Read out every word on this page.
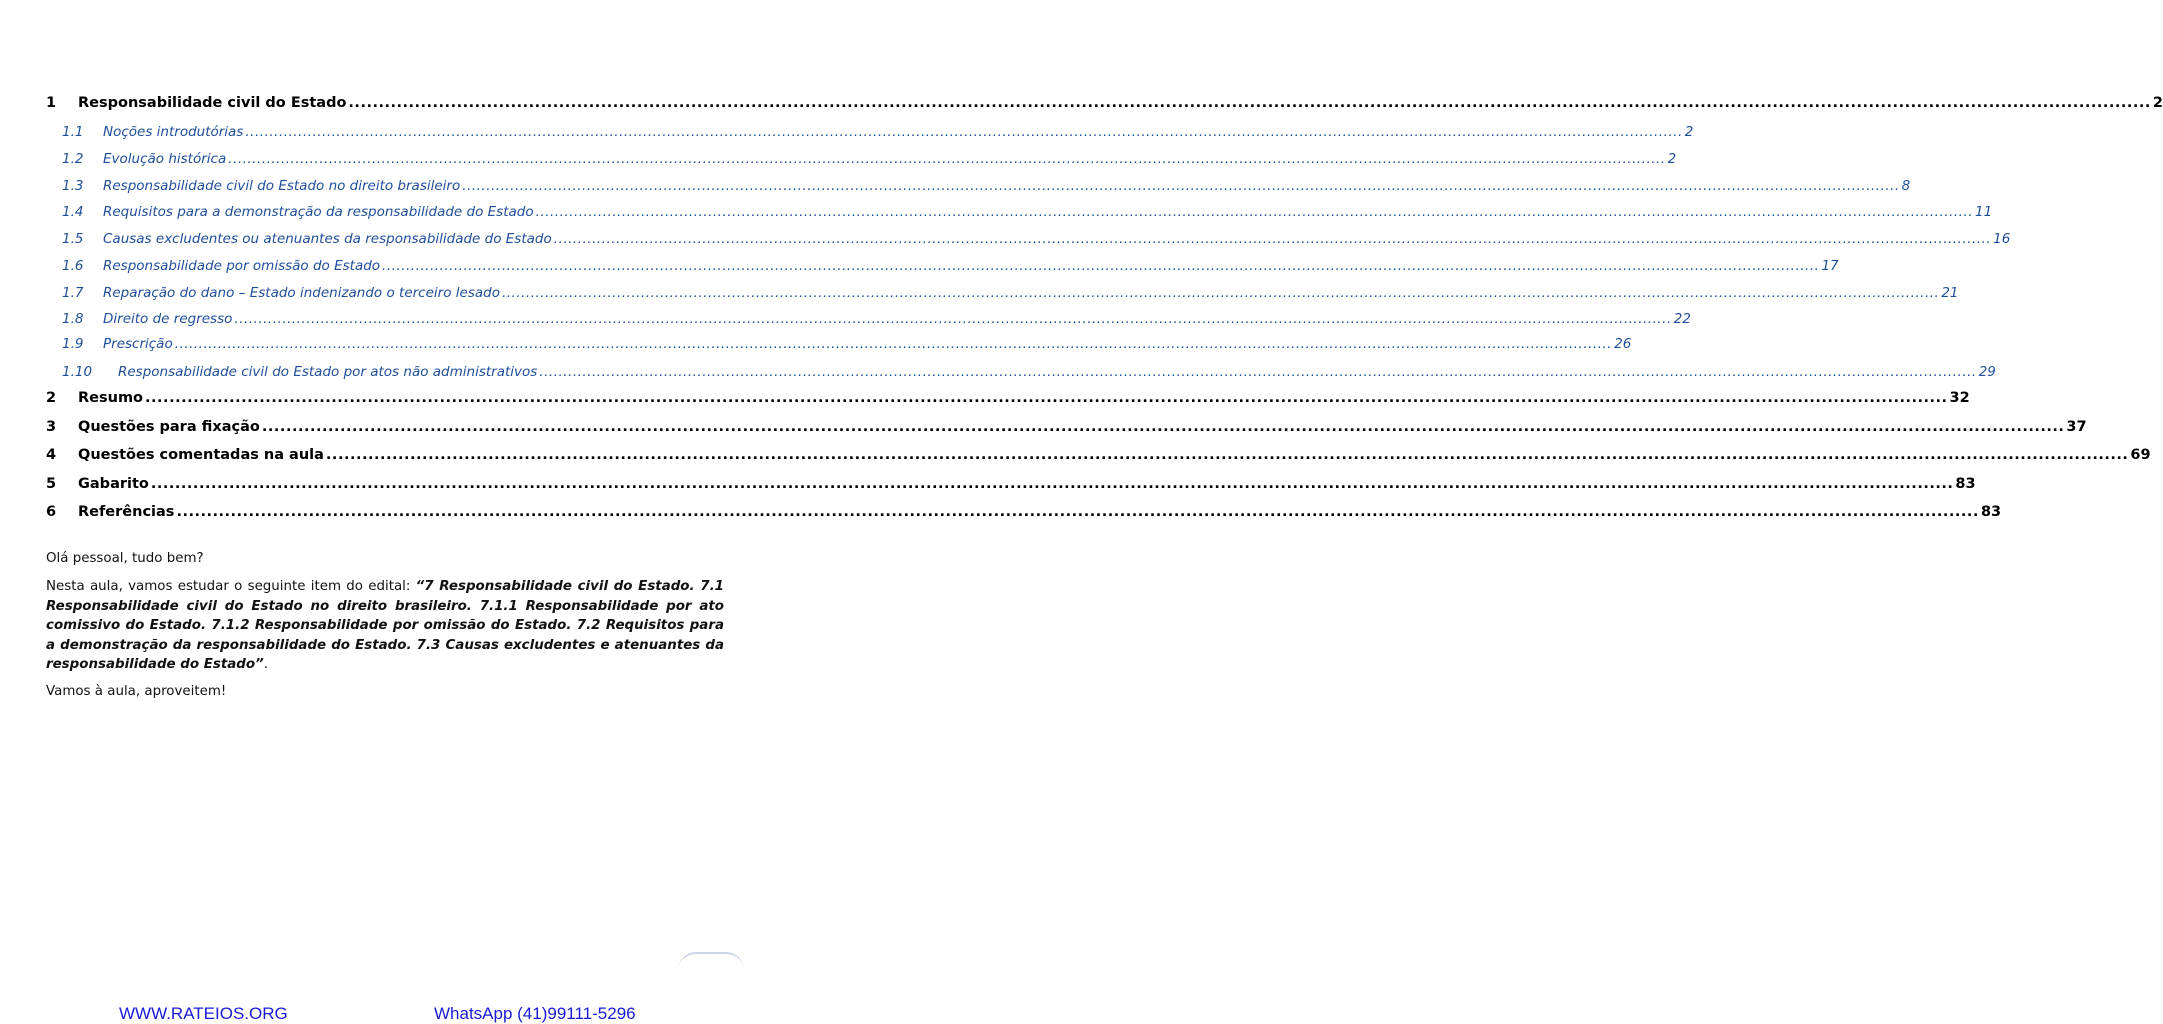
1	Responsabilidade civil do Estado ............................................................................................................................................................................................................................................................................................................ 2
1.1	Noções introdutórias ............................................................................................................................................................................................................................................................................................................ 2
1.2	Evolução histórica ............................................................................................................................................................................................................................................................................................................ 2
1.3	Responsabilidade civil do Estado no direito brasileiro ............................................................................................................................................................................................................................................................................................................ 8
1.4	Requisitos para a demonstração da responsabilidade do Estado ............................................................................................................................................................................................................................................................................................................ 11
1.5	Causas excludentes ou atenuantes da responsabilidade do Estado ............................................................................................................................................................................................................................................................................................................ 16
1.6	Responsabilidade por omissão do Estado ............................................................................................................................................................................................................................................................................................................ 17
1.7	Reparação do dano – Estado indenizando o terceiro lesado ............................................................................................................................................................................................................................................................................................................ 21
1.8	Direito de regresso ............................................................................................................................................................................................................................................................................................................ 22
1.9	Prescrição ............................................................................................................................................................................................................................................................................................................ 26
1.10	Responsabilidade civil do Estado por atos não administrativos ............................................................................................................................................................................................................................................................................................................ 29
2	Resumo ............................................................................................................................................................................................................................................................................................................ 32
3	Questões para fixação ............................................................................................................................................................................................................................................................................................................ 37
4	Questões comentadas na aula ............................................................................................................................................................................................................................................................................................................ 69
5	Gabarito ............................................................................................................................................................................................................................................................................................................ 83
6	Referências ............................................................................................................................................................................................................................................................................................................ 83
Olá pessoal, tudo bem?
Nesta aula, vamos estudar o seguinte item do edital: “7 Responsabilidade civil do Estado. 7.1 Responsabilidade civil do Estado no direito brasileiro. 7.1.1 Responsabilidade por ato comissivo do Estado. 7.1.2 Responsabilidade por omissão do Estado. 7.2 Requisitos para a demonstração da responsabilidade do Estado. 7.3 Causas excludentes e atenuantes da responsabilidade do Estado”.
Vamos à aula, aproveitem!
WWW.RATEIOS.ORG	WhatsApp (41)99111-5296
